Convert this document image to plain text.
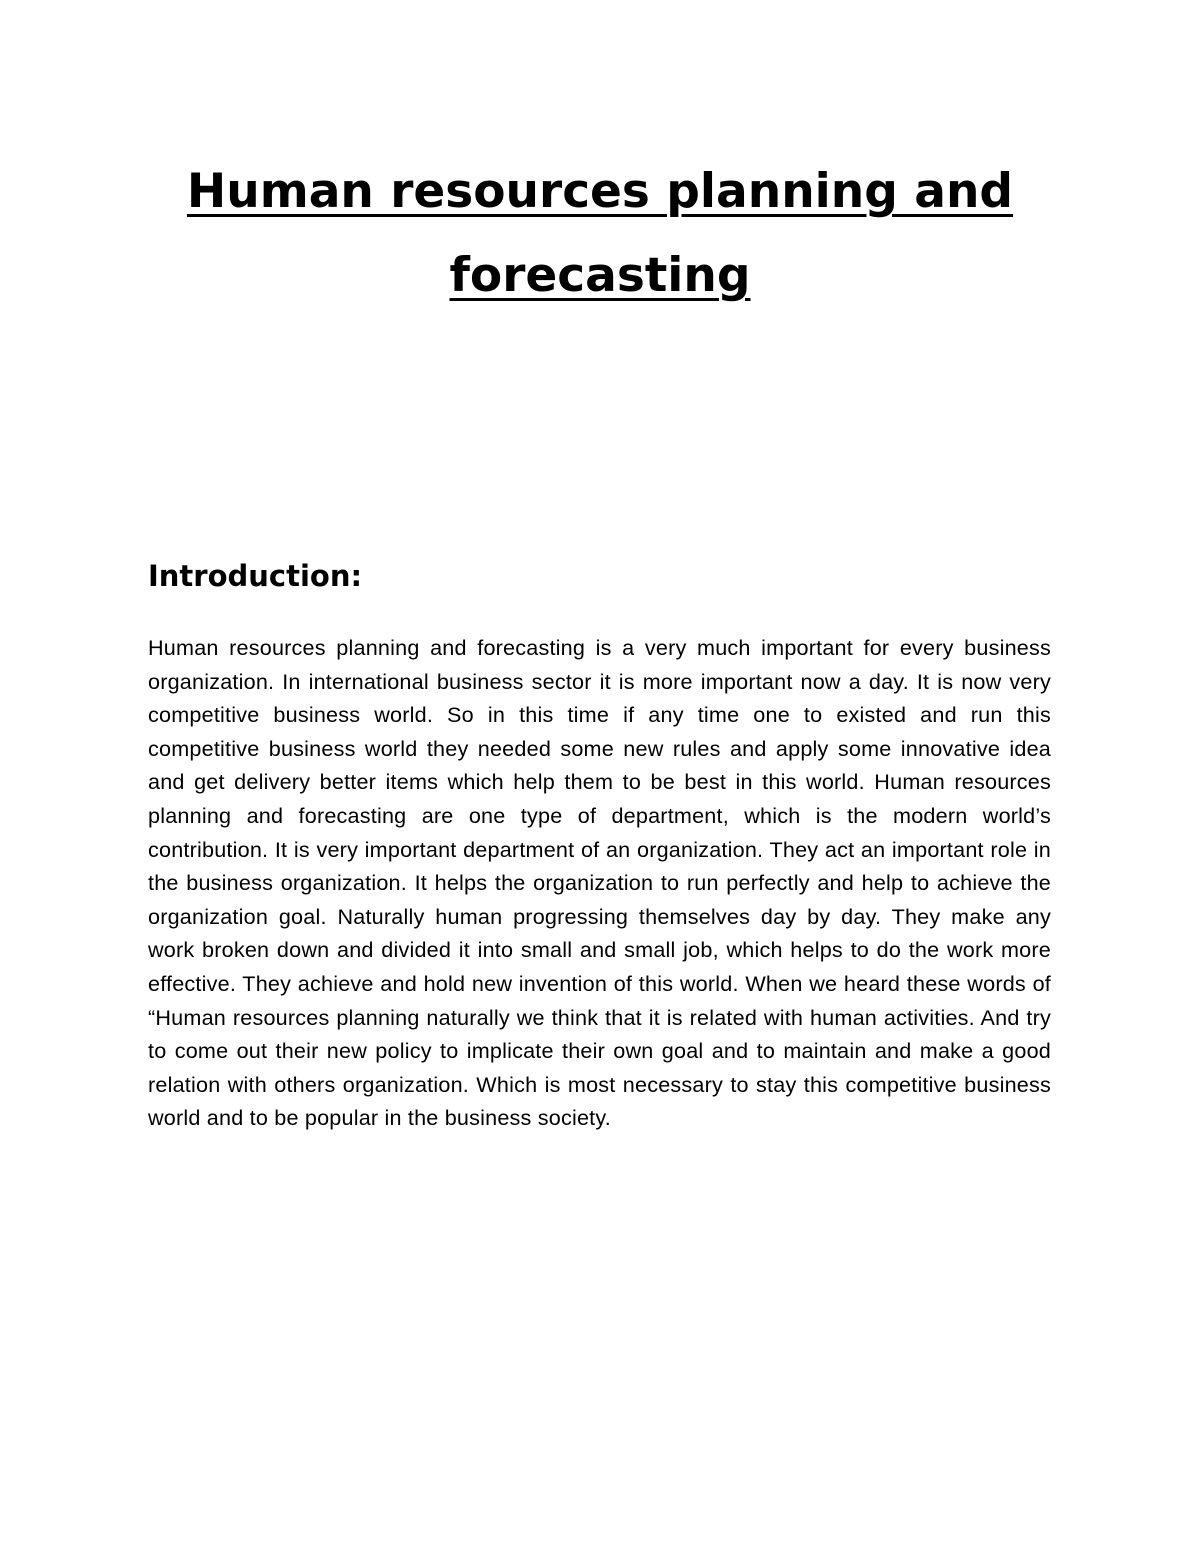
Human resources planning and forecasting
Introduction:

Human resources planning and forecasting is a very much important for every business organization. In international business sector it is more important now a day. It is now very competitive business world. So in this time if any time one to existed and run this competitive business world they needed some new rules and apply some innovative idea and get delivery better items which help them to be best in this world. Human resources planning and forecasting are one type of department, which is the modern world’s contribution. It is very important department of an organization. They act an important role in the business organization. It helps the organization to run perfectly and help to achieve the organization goal. Naturally human progressing themselves day by day. They make any work broken down and divided it into small and small job, which helps to do the work more effective. They achieve and hold new invention of this world. When we heard these words of “Human resources planning naturally we think that it is related with human activities. And try to come out their new policy to implicate their own goal and to maintain and make a good relation with others organization. Which is most necessary to stay this competitive business world and to be popular in the business society.
